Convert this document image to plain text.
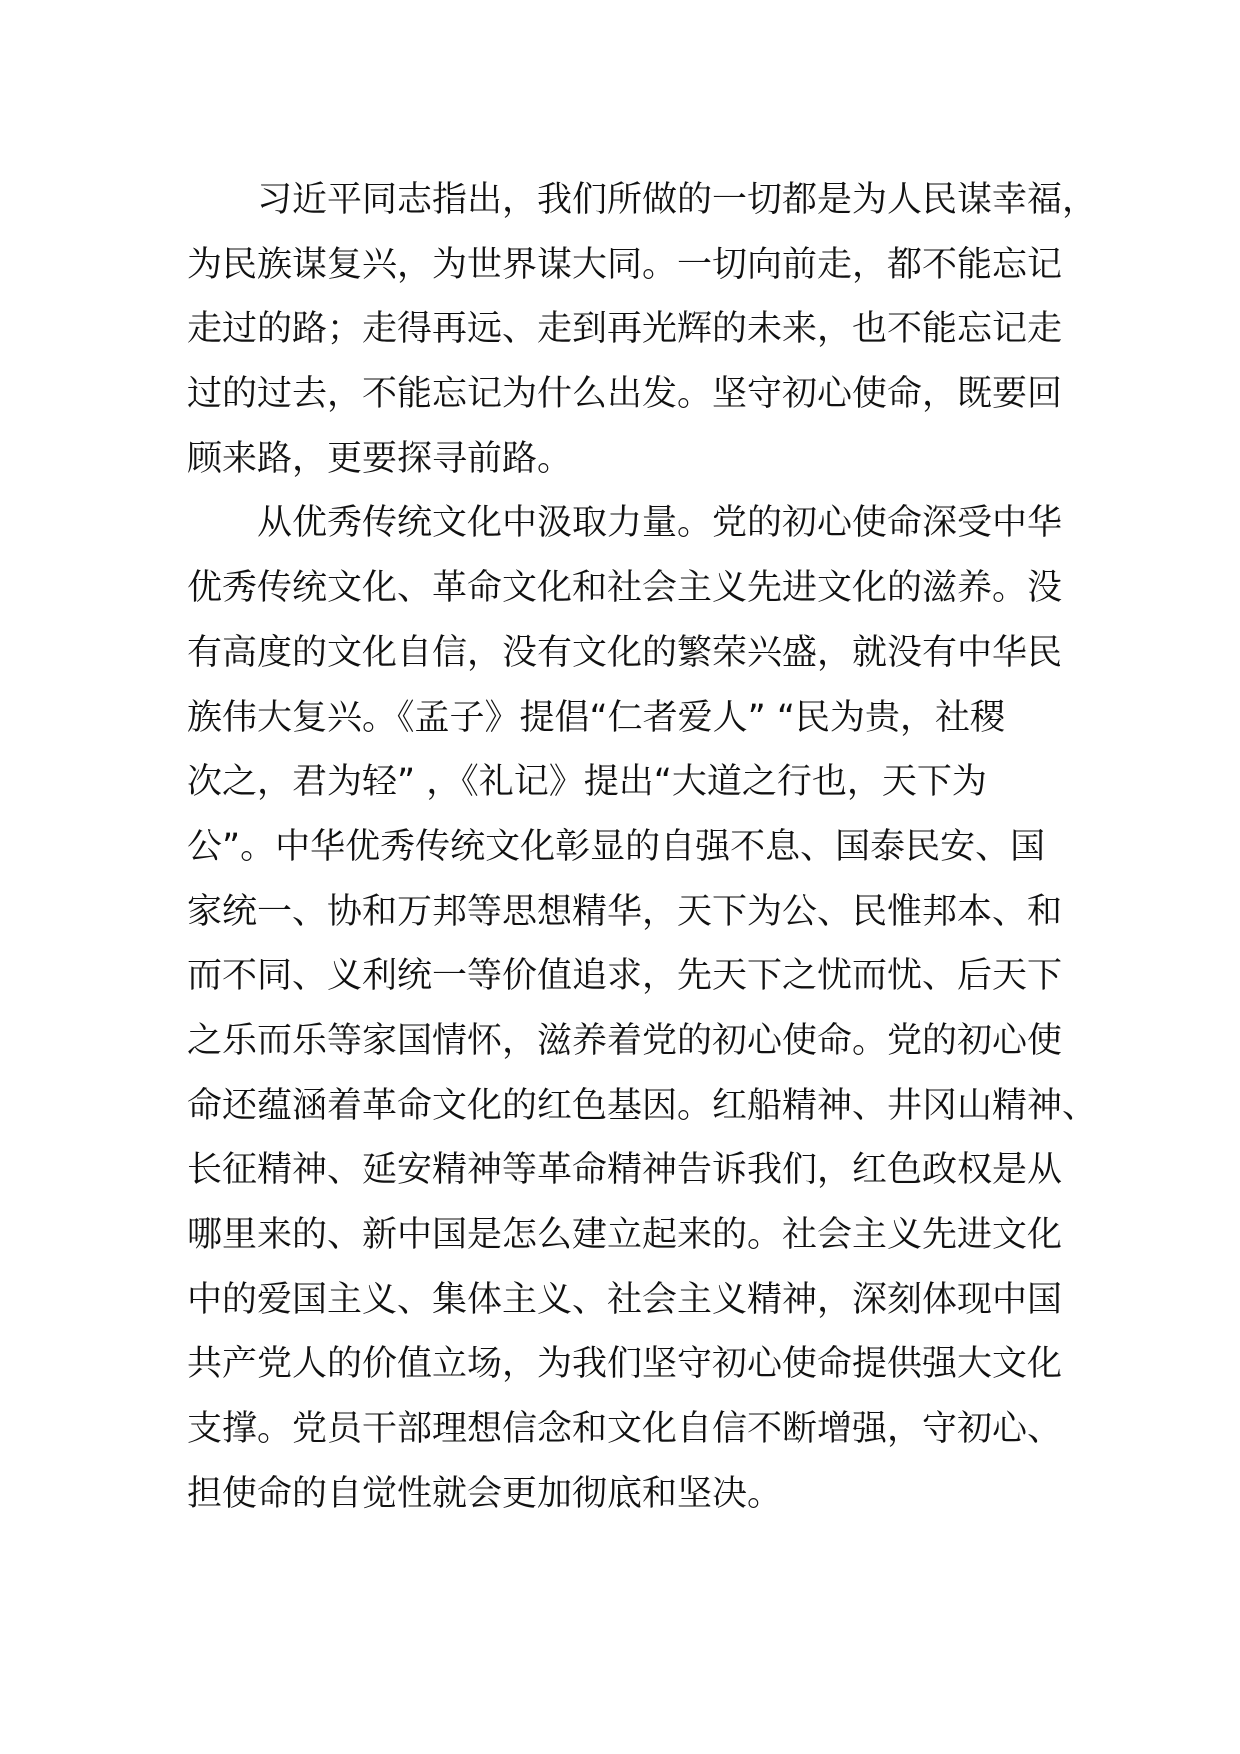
习近平同志指出，我们所做的一切都是为人民谋幸福，
为民族谋复兴，为世界谋大同。一切向前走，都不能忘记
走过的路；走得再远、走到再光辉的未来，也不能忘记走
过的过去，不能忘记为什么出发。坚守初心使命，既要回
顾来路，更要探寻前路。
从优秀传统文化中汲取力量。党的初心使命深受中华
优秀传统文化、革命文化和社会主义先进文化的滋养。没
有高度的文化自信，没有文化的繁荣兴盛，就没有中华民
族伟大复兴。《孟子》提倡“仁者爱人” “民为贵，社稷
次之，君为轻” ，《礼记》提出“大道之行也，天下为
公”。中华优秀传统文化彰显的自强不息、国泰民安、国
家统一、协和万邦等思想精华，天下为公、民惟邦本、和
而不同、义利统一等价值追求，先天下之忧而忧、后天下
之乐而乐等家国情怀，滋养着党的初心使命。党的初心使
命还蕴涵着革命文化的红色基因。红船精神、井冈山精神、
长征精神、延安精神等革命精神告诉我们，红色政权是从
哪里来的、新中国是怎么建立起来的。社会主义先进文化
中的爱国主义、集体主义、社会主义精神，深刻体现中国
共产党人的价值立场，为我们坚守初心使命提供强大文化
支撑。党员干部理想信念和文化自信不断增强，守初心、
担使命的自觉性就会更加彻底和坚决。
